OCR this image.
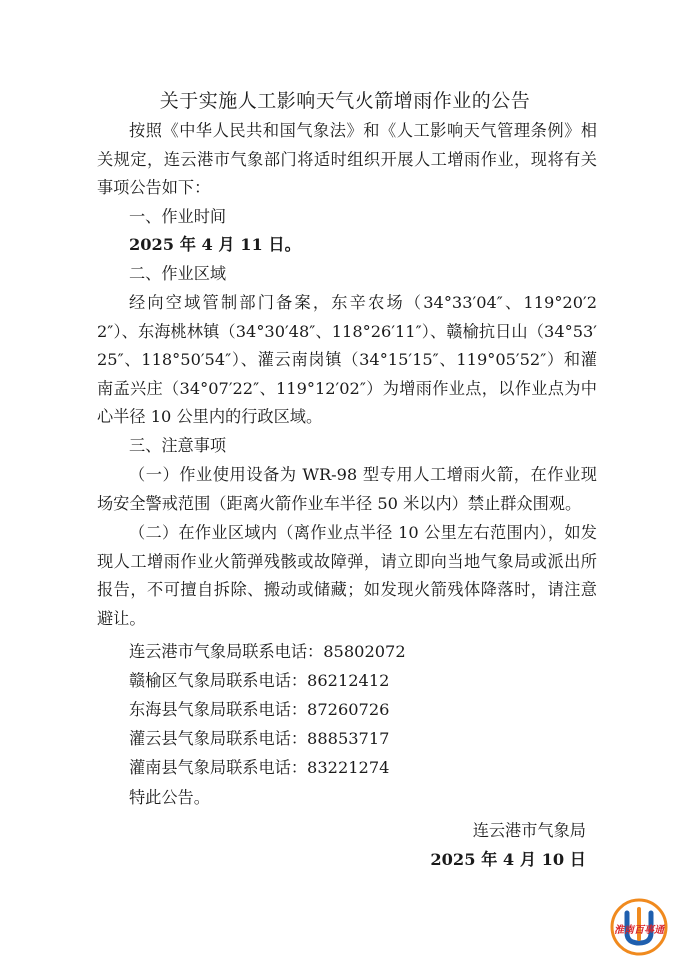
关于实施人工影响天气火箭增雨作业的公告
按照《中华人民共和国气象法》和《人工影响天气管理条例》相关规定，连云港市气象部门将适时组织开展人工增雨作业，现将有关事项公告如下：
一、作业时间
2025 年 4 月 11 日。
二、作业区域
经向空域管制部门备案，东辛农场（34°33′04″、119°20′22″）、东海桃林镇（34°30′48″、118°26′11″）、赣榆抗日山（34°53′25″、118°50′54″）、灌云南岗镇（34°15′15″、119°05′52″）和灌南孟兴庄（34°07′22″、119°12′02″）为增雨作业点，以作业点为中心半径 10 公里内的行政区域。
三、注意事项
（一）作业使用设备为 WR-98 型专用人工增雨火箭，在作业现场安全警戒范围（距离火箭作业车半径 50 米以内）禁止群众围观。
（二）在作业区域内（离作业点半径 10 公里左右范围内），如发现人工增雨作业火箭弹残骸或故障弹，请立即向当地气象局或派出所报告，不可擅自拆除、搬动或储藏；如发现火箭残体降落时，请注意避让。
连云港市气象局联系电话：85802072
赣榆区气象局联系电话：86212412
东海县气象局联系电话：87260726
灌云县气象局联系电话：88853717
灌南县气象局联系电话：83221274
特此公告。
连云港市气象局
2025 年 4 月 10 日
淮南百事通
